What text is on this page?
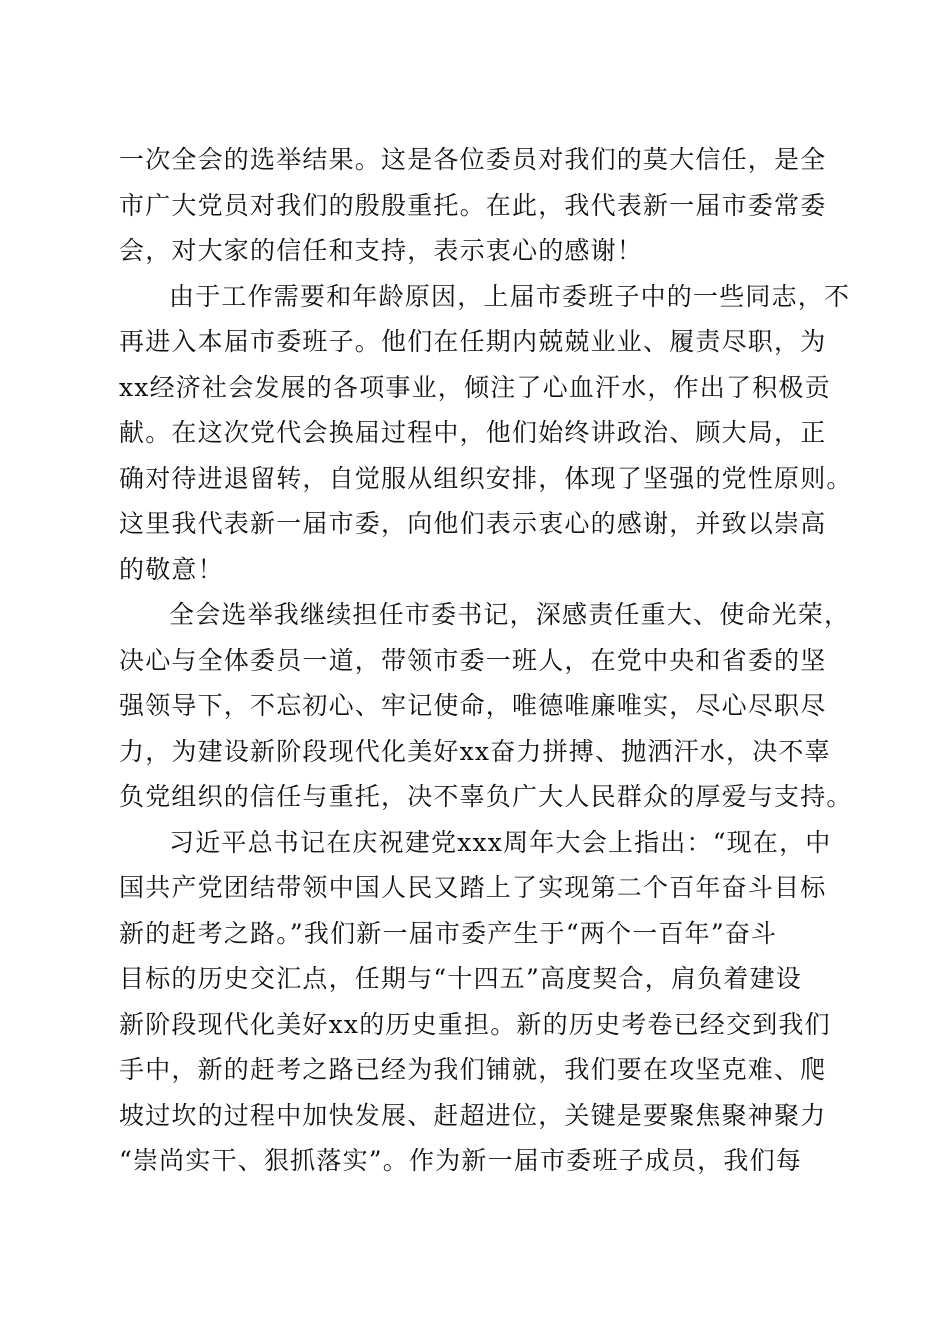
一次全会的选举结果。这是各位委员对我们的莫大信任，是全
市广大党员对我们的殷殷重托。在此，我代表新一届市委常委
会，对大家的信任和支持，表示衷心的感谢！
由于工作需要和年龄原因，上届市委班子中的一些同志，不
再进入本届市委班子。他们在任期内兢兢业业、履责尽职，为
xx经济社会发展的各项事业，倾注了心血汗水，作出了积极贡
献。在这次党代会换届过程中，他们始终讲政治、顾大局，正
确对待进退留转，自觉服从组织安排，体现了坚强的党性原则。
这里我代表新一届市委，向他们表示衷心的感谢，并致以崇高
的敬意！
全会选举我继续担任市委书记，深感责任重大、使命光荣，
决心与全体委员一道，带领市委一班人，在党中央和省委的坚
强领导下，不忘初心、牢记使命，唯德唯廉唯实，尽心尽职尽
力，为建设新阶段现代化美好xx奋力拼搏、抛洒汗水，决不辜
负党组织的信任与重托，决不辜负广大人民群众的厚爱与支持。
习近平总书记在庆祝建党xxx周年大会上指出：“现在，中
国共产党团结带领中国人民又踏上了实现第二个百年奋斗目标
新的赶考之路。”我们新一届市委产生于“两个一百年”奋斗
目标的历史交汇点，任期与“十四五”高度契合，肩负着建设
新阶段现代化美好xx的历史重担。新的历史考卷已经交到我们
手中，新的赶考之路已经为我们铺就，我们要在攻坚克难、爬
坡过坎的过程中加快发展、赶超进位，关键是要聚焦聚神聚力
“崇尚实干、狠抓落实”。作为新一届市委班子成员，我们每
